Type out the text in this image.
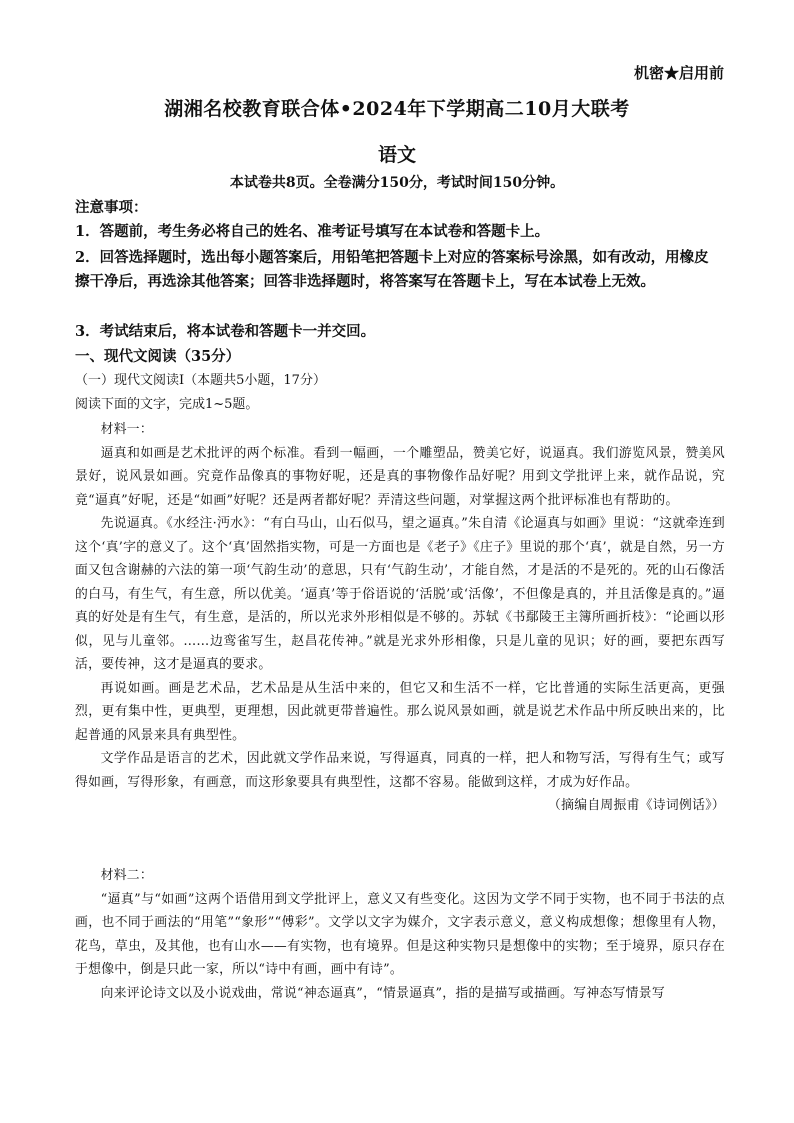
机密★启用前
湖湘名校教育联合体•2024年下学期高二10月大联考
语文
本试卷共8页。全卷满分150分，考试时间150分钟。
注意事项：
1．答题前，考生务必将自己的姓名、准考证号填写在本试卷和答题卡上。
2．回答选择题时，选出每小题答案后，用铅笔把答题卡上对应的答案标号涂黑，如有改动，用橡皮擦干净后，再选涂其他答案；回答非选择题时，将答案写在答题卡上，写在本试卷上无效。
3．考试结束后，将本试卷和答题卡一并交回。
一、现代文阅读（35分）
（一）现代文阅读I（本题共5小题，17分）
阅读下面的文字，完成1~5题。

材料一：

逼真和如画是艺术批评的两个标准。看到一幅画，一个雕塑品，赞美它好，说逼真。我们游览风景，赞美风景好，说风景如画。究竟作品像真的事物好呢，还是真的事物像作品好呢？用到文学批评上来，就作品说，究竟“逼真”好呢，还是“如画”好呢？还是两者都好呢？弄清这些问题，对掌握这两个批评标准也有帮助的。

先说逼真。《水经注·沔水》：“有白马山，山石似马，望之逼真。”朱自清《论逼真与如画》里说：“这就牵连到这个‘真’字的意义了。这个‘真’固然指实物，可是一方面也是《老子》《庄子》里说的那个‘真’，就是自然，另一方面又包含谢赫的六法的第一项‘气韵生动’的意思，只有‘气韵生动’，才能自然，才是活的不是死的。死的山石像活的白马，有生气，有生意，所以优美。‘逼真’等于俗语说的‘活脱’或‘活像’，不但像是真的，并且活像是真的。”逼真的好处是有生气，有生意，是活的，所以光求外形相似是不够的。苏轼《书鄢陵王主簿所画折枝》：“论画以形似，见与儿童邻。……边鸾雀写生，赵昌花传神。”就是光求外形相像，只是儿童的见识；好的画，要把东西写活，要传神，这才是逼真的要求。

再说如画。画是艺术品，艺术品是从生活中来的，但它又和生活不一样，它比普通的实际生活更高，更强烈，更有集中性，更典型，更理想，因此就更带普遍性。那么说风景如画，就是说艺术作品中所反映出来的，比起普通的风景来具有典型性。

文学作品是语言的艺术，因此就文学作品来说，写得逼真，同真的一样，把人和物写活，写得有生气；或写得如画，写得形象，有画意，而这形象要具有典型性，这都不容易。能做到这样，才成为好作品。

（摘编自周振甫《诗词例话》）

材料二：

“逼真”与“如画”这两个语借用到文学批评上，意义又有些变化。这因为文学不同于实物，也不同于书法的点画，也不同于画法的“用笔”“象形”“傅彩”。文学以文字为媒介，文字表示意义，意义构成想像；想像里有人物，花鸟，草虫，及其他，也有山水——有实物，也有境界。但是这种实物只是想像中的实物；至于境界，原只存在于想像中，倒是只此一家，所以“诗中有画，画中有诗”。

向来评论诗文以及小说戏曲，常说“神态逼真”，“情景逼真”，指的是描写或描画。写神态写情景写
